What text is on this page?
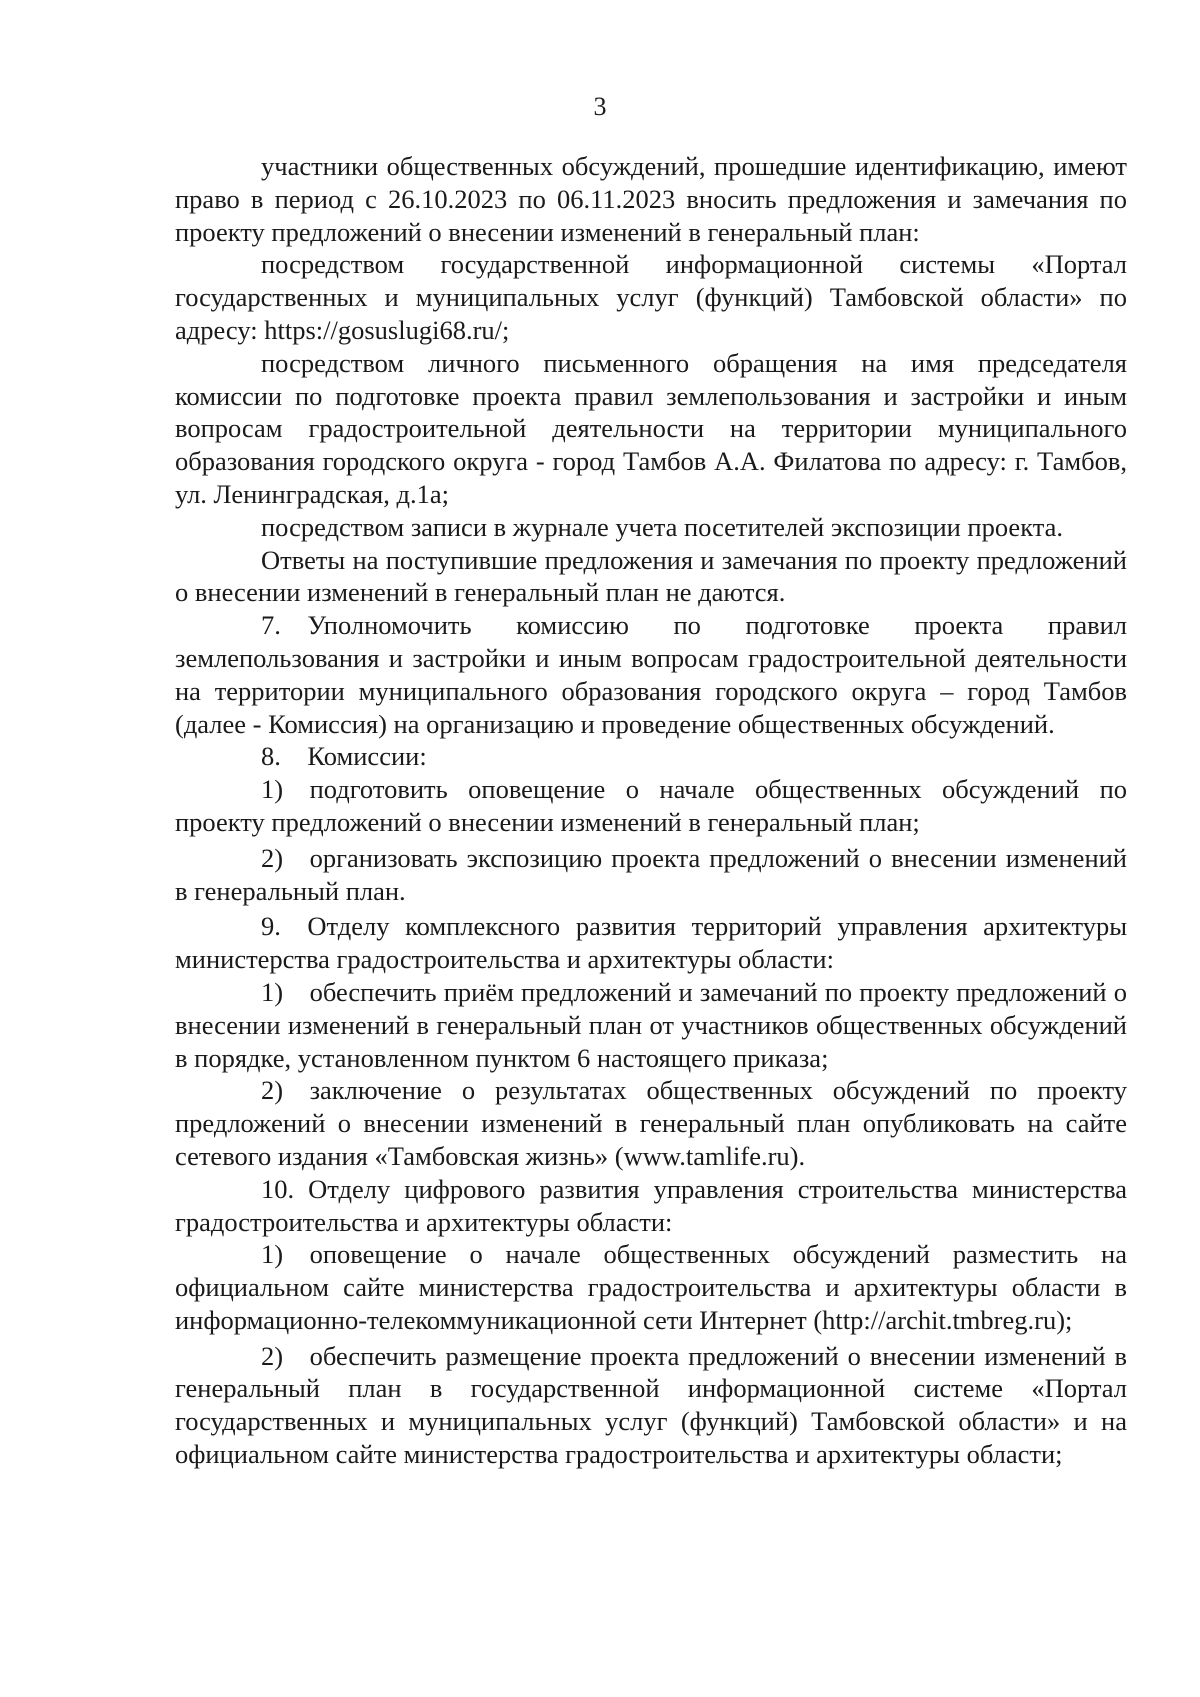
3

участники общественных обсуждений, прошедшие идентификацию, имеют право в период с 26.10.2023 по 06.11.2023 вносить предложения и замечания по проекту предложений о внесении изменений в генеральный план:

посредством государственной информационной системы «Портал государственных и муниципальных услуг (функций) Тамбовской области» по адресу: https://gosuslugi68.ru/;

посредством личного письменного обращения на имя председателя комиссии по подготовке проекта правил землепользования и застройки и иным вопросам градостроительной деятельности на территории муниципального образования городского округа - город Тамбов А.А. Филатова по адресу: г. Тамбов, ул. Ленинградская, д.1а;

посредством записи в журнале учета посетителей экспозиции проекта.

Ответы на поступившие предложения и замечания по проекту предложений о внесении изменений в генеральный план не даются.

7. Уполномочить комиссию по подготовке проекта правил землепользования и застройки и иным вопросам градостроительной деятельности на территории муниципального образования городского округа – город Тамбов (далее - Комиссия) на организацию и проведение общественных обсуждений.

8. Комиссии:

1) подготовить оповещение о начале общественных обсуждений по проекту предложений о внесении изменений в генеральный план;

2) организовать экспозицию проекта предложений о внесении изменений в генеральный план.

9. Отделу комплексного развития территорий управления архитектуры министерства градостроительства и архитектуры области:

1) обеспечить приём предложений и замечаний по проекту предложений о внесении изменений в генеральный план от участников общественных обсуждений в порядке, установленном пунктом 6 настоящего приказа;

2) заключение о результатах общественных обсуждений по проекту предложений о внесении изменений в генеральный план опубликовать на сайте сетевого издания «Тамбовская жизнь» (www.tamlife.ru).

10. Отделу цифрового развития управления строительства министерства градостроительства и архитектуры области:

1) оповещение о начале общественных обсуждений разместить на официальном сайте министерства градостроительства и архитектуры области в информационно-телекоммуникационной сети Интернет (http://archit.tmbreg.ru);

2) обеспечить размещение проекта предложений о внесении изменений в генеральный план в государственной информационной системе «Портал государственных и муниципальных услуг (функций) Тамбовской области» и на официальном сайте министерства градостроительства и архитектуры области;
